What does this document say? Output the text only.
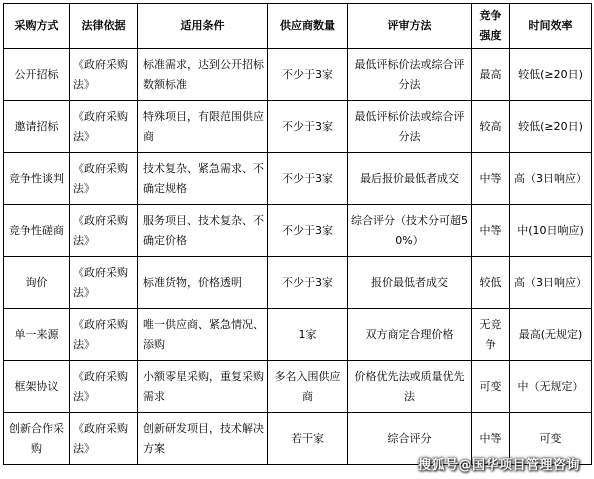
采购方式	法律依据	适用条件	供应商数量	评审方法	竞争强度	时间效率
公开招标	《政府采购法》	标准需求，达到公开招标数额标准	不少于3家	最低评标价法或综合评分法	最高	较低(≥20日)
邀请招标	《政府采购法》	特殊项目，有限范围供应商	不少于3家	最低评标价法或综合评分法	较高	较低(≥20日)
竞争性谈判	《政府采购法》	技术复杂、紧急需求、不确定规格	不少于3家	最后报价最低者成交	中等	高（3日响应）
竞争性磋商	《政府采购法》	服务项目、技术复杂、不确定价格	不少于3家	综合评分（技术分可超50%）	中等	中(10日响应)
询价	《政府采购法》	标准货物，价格透明	不少于3家	报价最低者成交	较低	高（3日响应）
单一来源	《政府采购法》	唯一供应商、紧急情况、添购	1家	双方商定合理价格	无竞争	最高(无规定)
框架协议	《政府采购法》	小额零星采购，重复采购需求	多名入围供应商	价格优先法或质量优先法	可变	中（无规定）
创新合作采购	《政府采购法》	创新研发项目，技术解决方案	若干家	综合评分	中等	可变
搜狐号@国华项目管理咨询
